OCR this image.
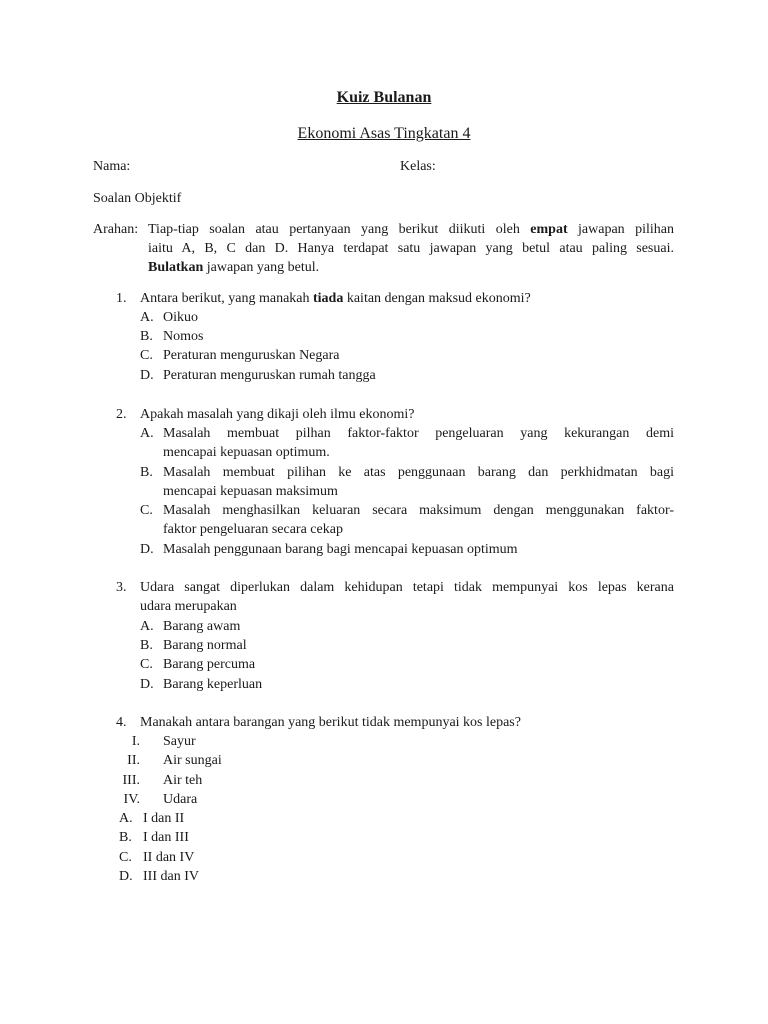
Kuiz Bulanan
Ekonomi Asas Tingkatan 4
Nama:	Kelas:
Soalan Objektif
Arahan: Tiap-tiap soalan atau pertanyaan yang berikut diikuti oleh empat jawapan pilihan
iaitu A, B, C dan D. Hanya terdapat satu jawapan yang betul atau paling sesuai.
Bulatkan jawapan yang betul.
1. Antara berikut, yang manakah tiada kaitan dengan maksud ekonomi?
A. Oikuo
B. Nomos
C. Peraturan menguruskan Negara
D. Peraturan menguruskan rumah tangga
2. Apakah masalah yang dikaji oleh ilmu ekonomi?
A. Masalah membuat pilhan faktor-faktor pengeluaran yang kekurangan demi
mencapai kepuasan optimum.
B. Masalah membuat pilihan ke atas penggunaan barang dan perkhidmatan bagi
mencapai kepuasan maksimum
C. Masalah menghasilkan keluaran secara maksimum dengan menggunakan faktor-
faktor pengeluaran secara cekap
D. Masalah penggunaan barang bagi mencapai kepuasan optimum
3. Udara sangat diperlukan dalam kehidupan tetapi tidak mempunyai kos lepas kerana
udara merupakan
A. Barang awam
B. Barang normal
C. Barang percuma
D. Barang keperluan
4. Manakah antara barangan yang berikut tidak mempunyai kos lepas?
I. Sayur
II. Air sungai
III. Air teh
IV. Udara
A. I dan II
B. I dan III
C. II dan IV
D. III dan IV
